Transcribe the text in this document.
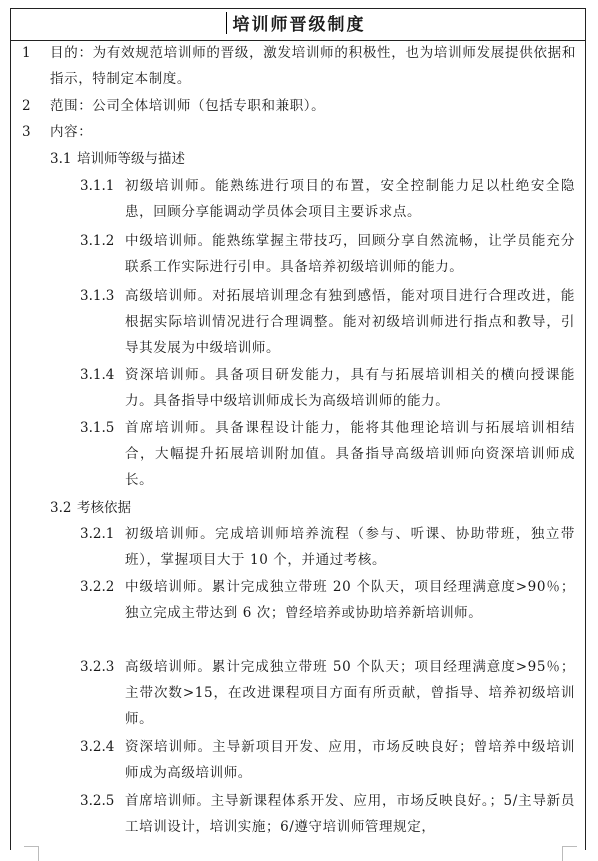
培训师晋级制度
1 目的：为有效规范培训师的晋级，激发培训师的积极性，也为培训师发展提供依据和指示，特制定本制度。

2 范围：公司全体培训师（包括专职和兼职）。

3 内容：

3.1 培训师等级与描述
3.1.1 初级培训师。能熟练进行项目的布置，安全控制能力足以杜绝安全隐患，回顾分享能调动学员体会项目主要诉求点。

3.1.2 中级培训师。能熟练掌握主带技巧，回顾分享自然流畅，让学员能充分联系工作实际进行引申。具备培养初级培训师的能力。

3.1.3 高级培训师。对拓展培训理念有独到感悟，能对项目进行合理改进，能根据实际培训情况进行合理调整。能对初级培训师进行指点和教导，引导其发展为中级培训师。

3.1.4 资深培训师。具备项目研发能力，具有与拓展培训相关的横向授课能力。具备指导中级培训师成长为高级培训师的能力。

3.1.5 首席培训师。具备课程设计能力，能将其他理论培训与拓展培训相结合，大幅提升拓展培训附加值。具备指导高级培训师向资深培训师成长。

3.2 考核依据
3.2.1 初级培训师。完成培训师培养流程（参与、听课、协助带班，独立带班），掌握项目大于 10 个，并通过考核。

3.2.2 中级培训师。累计完成独立带班 20 个队天，项目经理满意度>90％；独立完成主带达到 6 次；曾经培养或协助培养新培训师。

3.2.3 高级培训师。累计完成独立带班 50 个队天；项目经理满意度>95％；主带次数>15，在改进课程项目方面有所贡献，曾指导、培养初级培训师。

3.2.4 资深培训师。主导新项目开发、应用，市场反映良好；曾培养中级培训师成为高级培训师。

3.2.5 首席培训师。主导新课程体系开发、应用，市场反映良好。；5/主导新员工培训设计，培训实施；6/遵守培训师管理规定，
